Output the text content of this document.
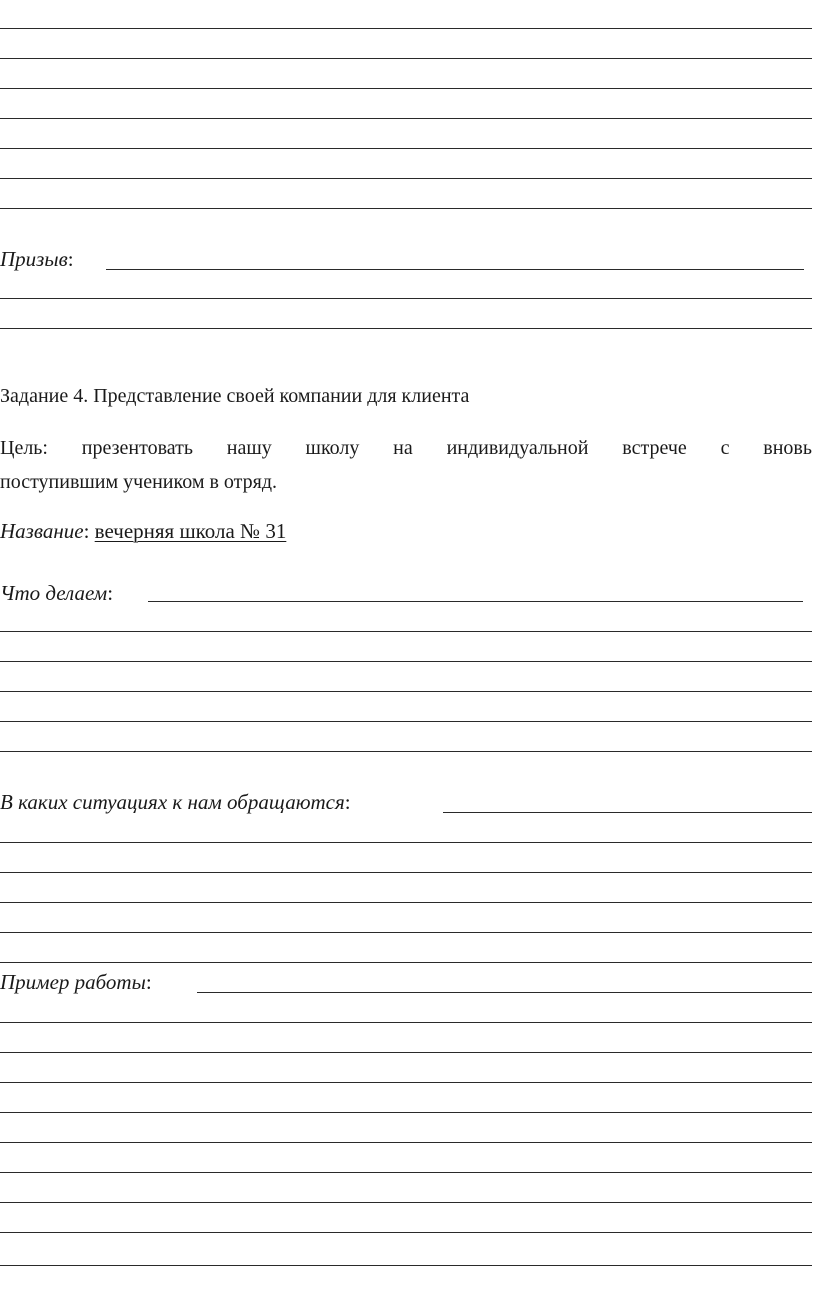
Призыв:
Задание 4. Представление своей компании для клиента
Цель: презентовать нашу школу на индивидуальной встрече с вновь
поступившим учеником в отряд.
Название: вечерняя школа № 31
Что делаем:
В каких ситуациях к нам обращаются:
Пример работы:
